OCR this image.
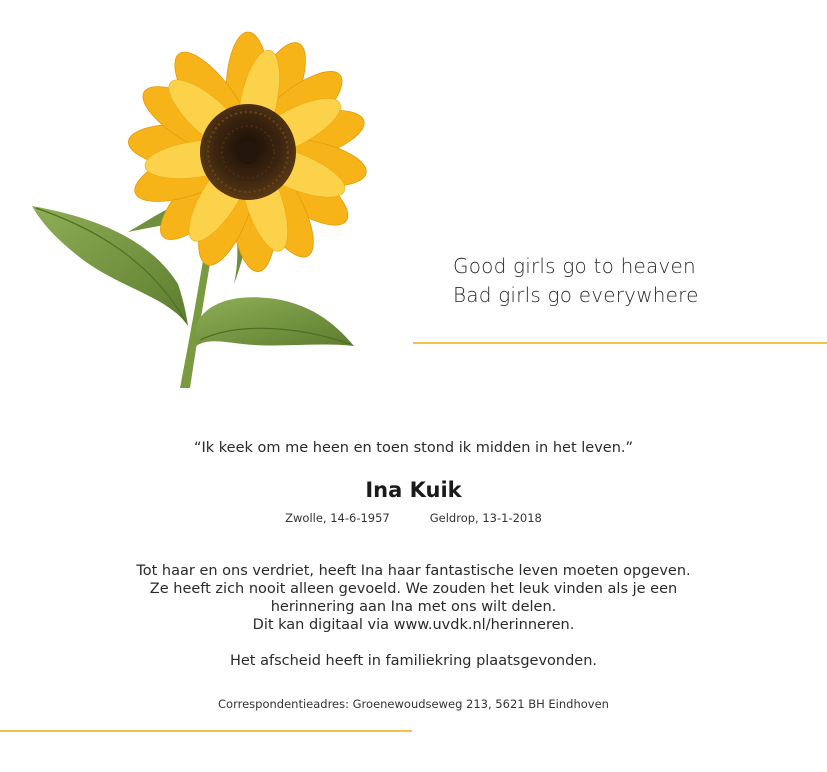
Good girls go to heaven
Bad girls go everywhere
“Ik keek om me heen en toen stond ik midden in het leven.”
Ina Kuik
Zwolle, 14-6-1957	Geldrop, 13-1-2018
Tot haar en ons verdriet, heeft Ina haar fantastische leven moeten opgeven.
Ze heeft zich nooit alleen gevoeld. We zouden het leuk vinden als je een
herinnering aan Ina met ons wilt delen.
Dit kan digitaal via www.uvdk.nl/herinneren.
Het afscheid heeft in familiekring plaatsgevonden.
Correspondentieadres: Groenewoudseweg 213, 5621 BH Eindhoven
